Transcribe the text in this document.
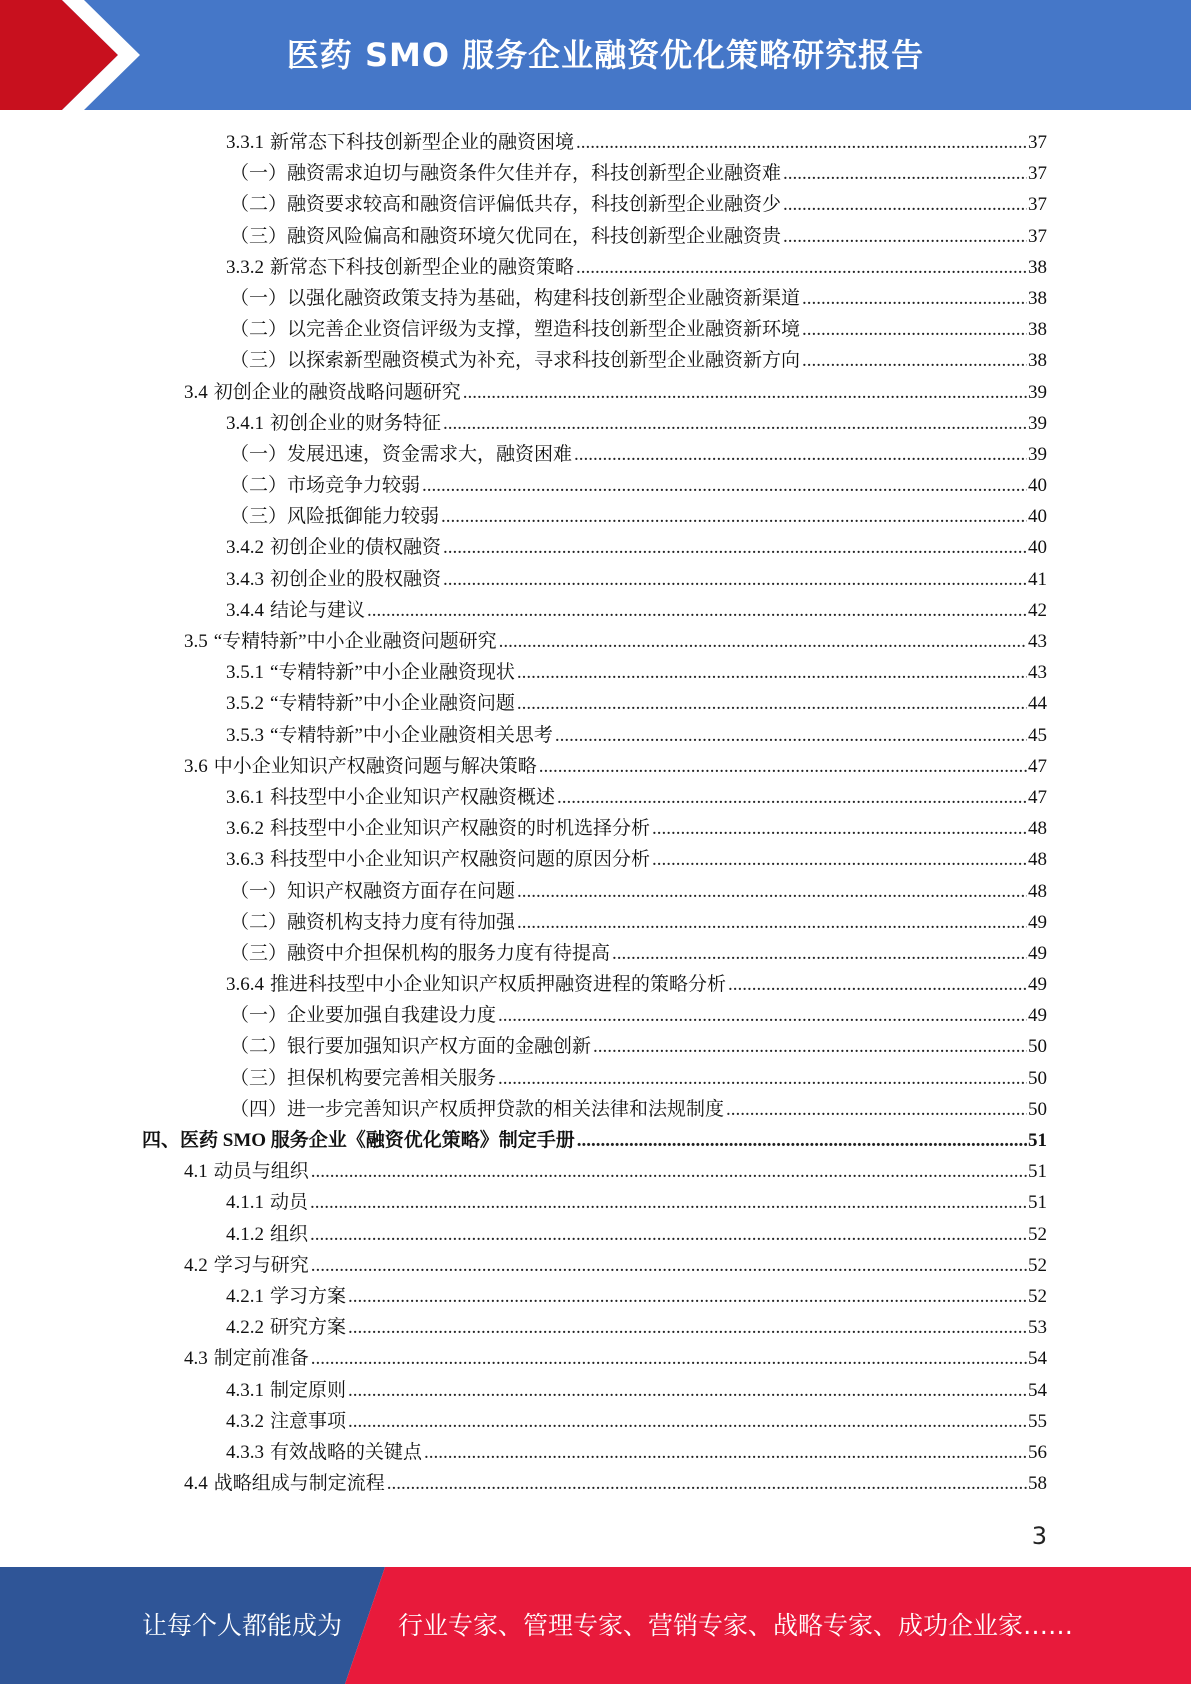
医药 SMO 服务企业融资优化策略研究报告
3.3.1 新常态下科技创新型企业的融资困境 .....	37
（一）融资需求迫切与融资条件欠佳并存，科技创新型企业融资难 .....	37
（二）融资要求较高和融资信评偏低共存，科技创新型企业融资少 .....	37
（三）融资风险偏高和融资环境欠优同在，科技创新型企业融资贵 .....	37
3.3.2 新常态下科技创新型企业的融资策略 .....	38
（一）以强化融资政策支持为基础，构建科技创新型企业融资新渠道 .....	38
（二）以完善企业资信评级为支撑，塑造科技创新型企业融资新环境 .....	38
（三）以探索新型融资模式为补充，寻求科技创新型企业融资新方向 .....	38
3.4 初创企业的融资战略问题研究 .....	39
3.4.1 初创企业的财务特征 .....	39
（一）发展迅速，资金需求大，融资困难 .....	39
（二）市场竞争力较弱 .....	40
（三）风险抵御能力较弱 .....	40
3.4.2 初创企业的债权融资 .....	40
3.4.3 初创企业的股权融资 .....	41
3.4.4 结论与建议 .....	42
3.5 “专精特新”中小企业融资问题研究 .....	43
3.5.1 “专精特新”中小企业融资现状 .....	43
3.5.2 “专精特新”中小企业融资问题 .....	44
3.5.3 “专精特新”中小企业融资相关思考 .....	45
3.6 中小企业知识产权融资问题与解决策略 .....	47
3.6.1 科技型中小企业知识产权融资概述 .....	47
3.6.2 科技型中小企业知识产权融资的时机选择分析 .....	48
3.6.3 科技型中小企业知识产权融资问题的原因分析 .....	48
（一）知识产权融资方面存在问题 .....	48
（二）融资机构支持力度有待加强 .....	49
（三）融资中介担保机构的服务力度有待提高 .....	49
3.6.4 推进科技型中小企业知识产权质押融资进程的策略分析 .....	49
（一）企业要加强自我建设力度 .....	49
（二）银行要加强知识产权方面的金融创新 .....	50
（三）担保机构要完善相关服务 .....	50
（四）进一步完善知识产权质押贷款的相关法律和法规制度 .....	50
四、医药 SMO 服务企业《融资优化策略》制定手册 .....	51
4.1 动员与组织 .....	51
4.1.1 动员 .....	51
4.1.2 组织 .....	52
4.2 学习与研究 .....	52
4.2.1 学习方案 .....	52
4.2.2 研究方案 .....	53
4.3 制定前准备 .....	54
4.3.1 制定原则 .....	54
4.3.2 注意事项 .....	55
4.3.3 有效战略的关键点 .....	56
4.4 战略组成与制定流程 .....	58
3
让每个人都能成为 行业专家、管理专家、营销专家、战略专家、成功企业家……
